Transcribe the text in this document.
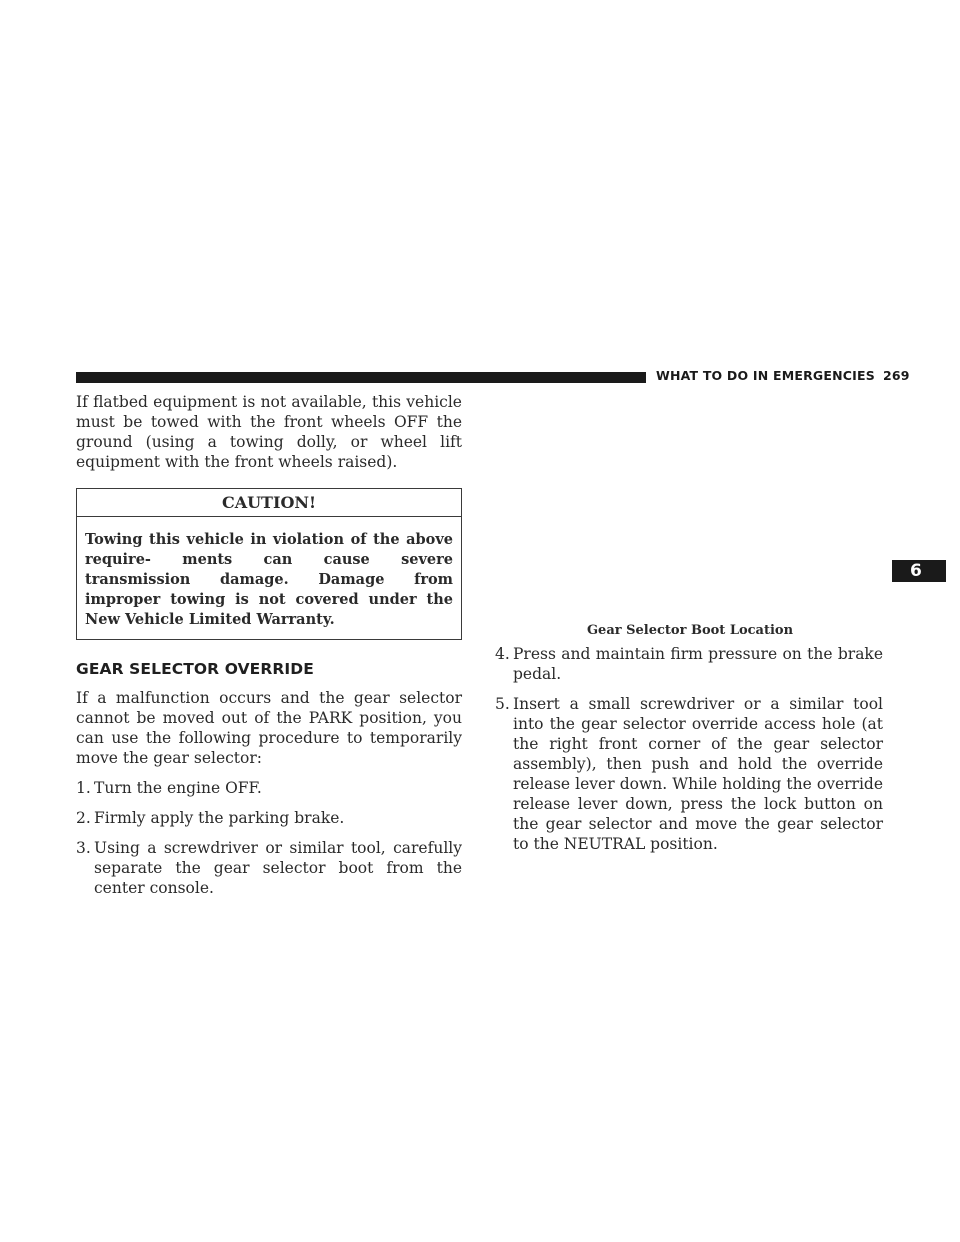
WHAT TO DO IN EMERGENCIES 269
6

If flatbed equipment is not available, this vehicle must be towed with the front wheels OFF the ground (using a towing dolly, or wheel lift equipment with the front wheels raised).

CAUTION!
Towing this vehicle in violation of the above require- ments can cause severe transmission damage. Damage from improper towing is not covered under the New Vehicle Limited Warranty.
GEAR SELECTOR OVERRIDE

If a malfunction occurs and the gear selector cannot be moved out of the PARK position, you can use the following procedure to temporarily move the gear selector:

1. Turn the engine OFF.
2. Firmly apply the parking brake.
3. Using a screwdriver or similar tool, carefully separate the gear selector boot from the center console.
Gear Selector Boot Location
4. Press and maintain firm pressure on the brake pedal.
5. Insert a small screwdriver or a similar tool into the gear selector override access hole (at the right front corner of the gear selector assembly), then push and hold the override release lever down. While holding the override release lever down, press the lock button on the gear selector and move the gear selector to the NEUTRAL position.
